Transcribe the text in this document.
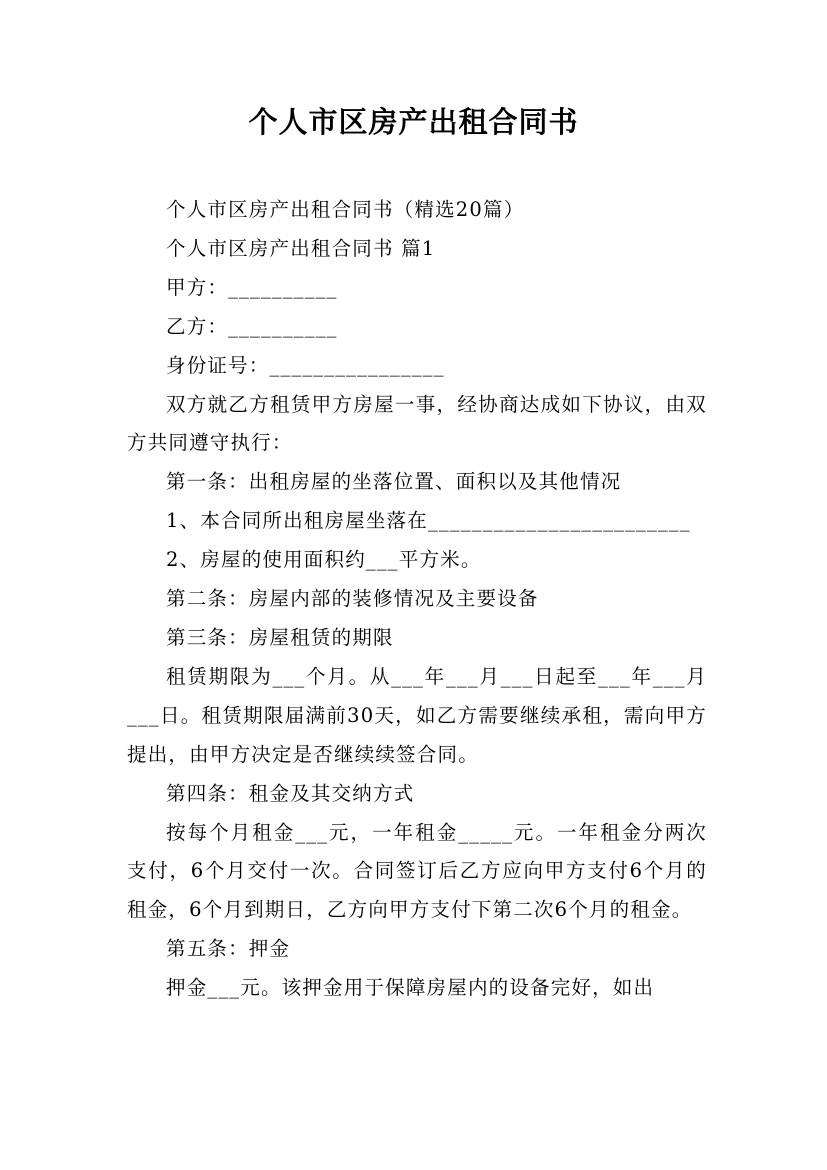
个人市区房产出租合同书

个人市区房产出租合同书（精选20篇）

个人市区房产出租合同书 篇1

甲方：__________

乙方：__________

身份证号：________________

双方就乙方租赁甲方房屋一事，经协商达成如下协议，由双方共同遵守执行：

第一条：出租房屋的坐落位置、面积以及其他情况

1、本合同所出租房屋坐落在________________________

2、房屋的使用面积约___平方米。

第二条：房屋内部的装修情况及主要设备

第三条：房屋租赁的期限

租赁期限为___个月。从___年___月___日起至___年___月___日。租赁期限届满前30天，如乙方需要继续承租，需向甲方提出，由甲方决定是否继续续签合同。

第四条：租金及其交纳方式

按每个月租金___元，一年租金_____元。一年租金分两次支付，6个月交付一次。合同签订后乙方应向甲方支付6个月的租金，6个月到期日，乙方向甲方支付下第二次6个月的租金。

第五条：押金

押金___元。该押金用于保障房屋内的设备完好，如出
